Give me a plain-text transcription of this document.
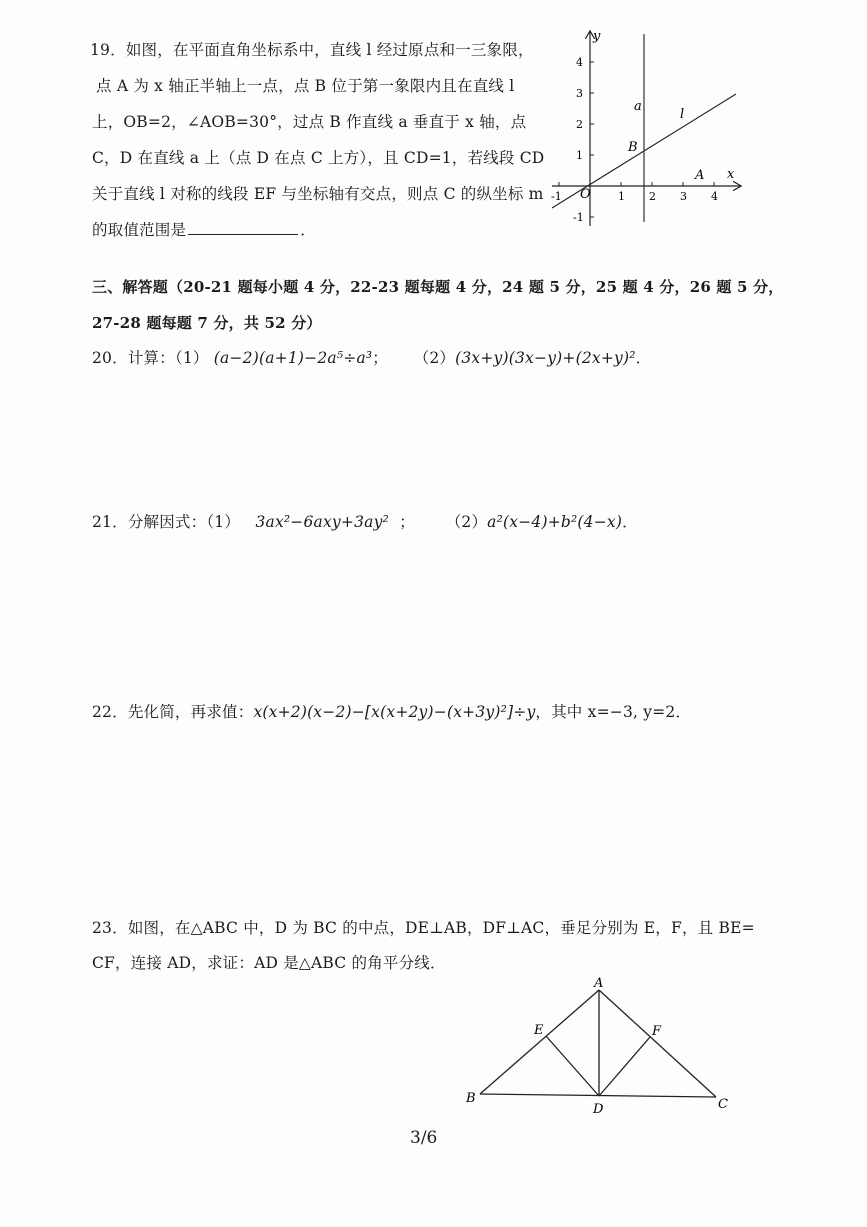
19．如图，在平面直角坐标系中，直线 l 经过原点和一三象限，
点 A 为 x 轴正半轴上一点，点 B 位于第一象限内且在直线 l
上，OB=2，∠AOB=30°，过点 B 作直线 a 垂直于 x 轴，点
C，D 在直线 a 上（点 D 在点 C 上方），且 CD=1，若线段 CD
关于直线 l 对称的线段 EF 与坐标轴有交点，则点 C 的纵坐标 m
的取值范围是	．
-1	1 2 3 4
4
3
2
1
-1
x
y
O
a
l
B
A
三、解答题（20-21 题每小题 4 分，22-23 题每题 4 分，24 题 5 分，25 题 4 分，26 题 5 分，
27-28 题每题 7 分，共 52 分）
20．计算：（1） (a−2)(a+1)−2a⁵÷a³； （2）(3x+y)(3x−y)+(2x+y)²．
21．分解因式：（1） 3ax²−6axy+3ay² ； （2）a²(x−4)+b²(4−x)．
22．先化简，再求值：x(x+2)(x−2)−[x(x+2y)−(x+3y)²]÷y，其中 x=−3, y=2．
23．如图，在△ABC 中，D 为 BC 的中点，DE⊥AB，DF⊥AC，垂足分别为 E，F，且 BE=
CF，连接 AD，求证：AD 是△ABC 的角平分线．
A
B	C
D
E	F
3/6
